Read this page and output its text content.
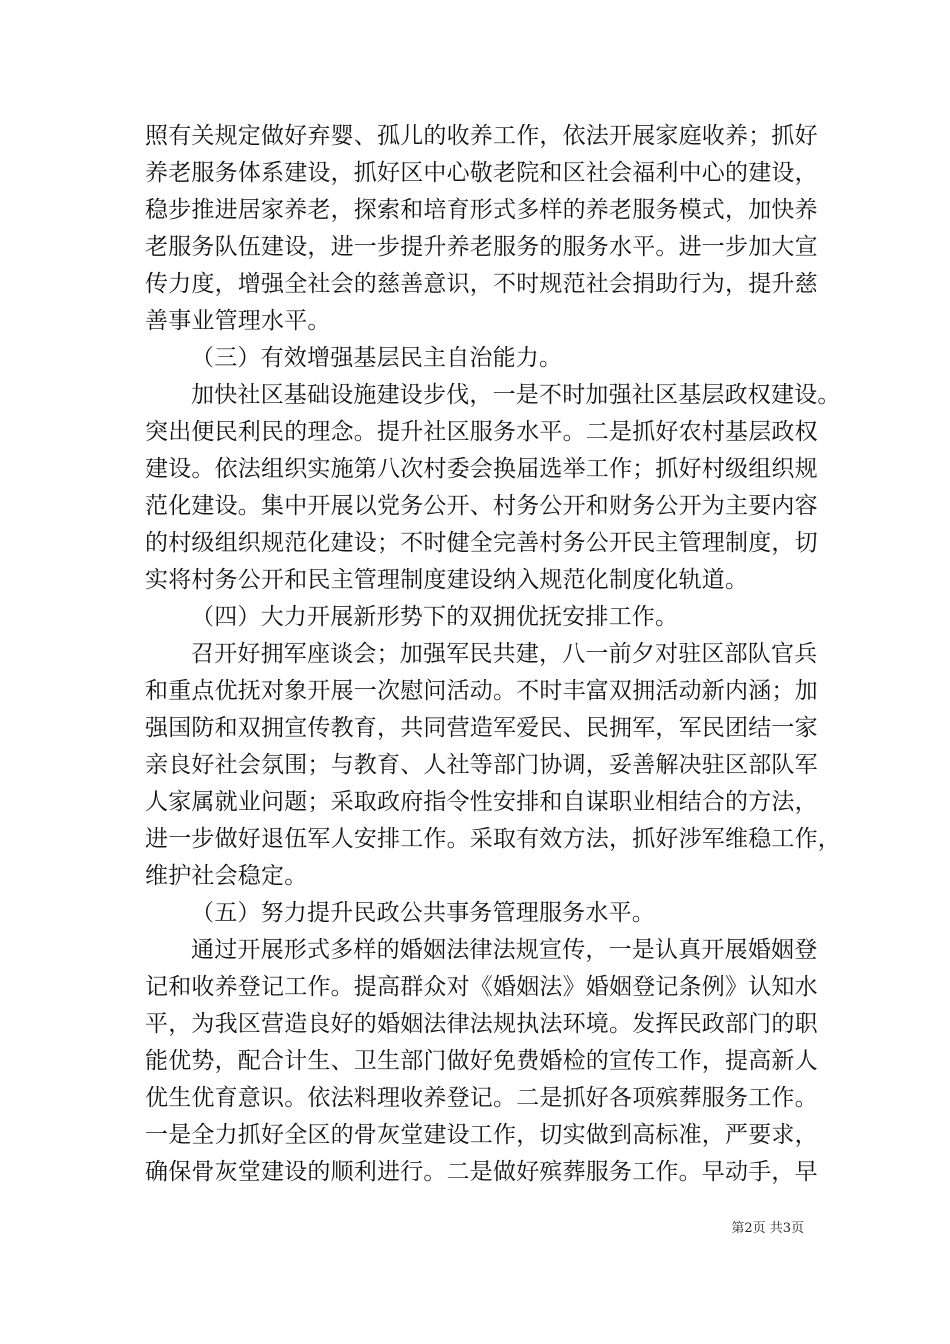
照有关规定做好弃婴、孤儿的收养工作，依法开展家庭收养；抓好
养老服务体系建设，抓好区中心敬老院和区社会福利中心的建设，
稳步推进居家养老，探索和培育形式多样的养老服务模式，加快养
老服务队伍建设，进一步提升养老服务的服务水平。进一步加大宣
传力度，增强全社会的慈善意识，不时规范社会捐助行为，提升慈
善事业管理水平。
（三）有效增强基层民主自治能力。
加快社区基础设施建设步伐，一是不时加强社区基层政权建设。
突出便民利民的理念。提升社区服务水平。二是抓好农村基层政权
建设。依法组织实施第八次村委会换届选举工作；抓好村级组织规
范化建设。集中开展以党务公开、村务公开和财务公开为主要内容
的村级组织规范化建设；不时健全完善村务公开民主管理制度，切
实将村务公开和民主管理制度建设纳入规范化制度化轨道。
（四）大力开展新形势下的双拥优抚安排工作。
召开好拥军座谈会；加强军民共建，八一前夕对驻区部队官兵
和重点优抚对象开展一次慰问活动。不时丰富双拥活动新内涵；加
强国防和双拥宣传教育，共同营造军爱民、民拥军，军民团结一家
亲良好社会氛围；与教育、人社等部门协调，妥善解决驻区部队军
人家属就业问题；采取政府指令性安排和自谋职业相结合的方法，
进一步做好退伍军人安排工作。采取有效方法，抓好涉军维稳工作，
维护社会稳定。
（五）努力提升民政公共事务管理服务水平。
通过开展形式多样的婚姻法律法规宣传，一是认真开展婚姻登
记和收养登记工作。提高群众对《婚姻法》婚姻登记条例》认知水
平，为我区营造良好的婚姻法律法规执法环境。发挥民政部门的职
能优势，配合计生、卫生部门做好免费婚检的宣传工作，提高新人
优生优育意识。依法料理收养登记。二是抓好各项殡葬服务工作。
一是全力抓好全区的骨灰堂建设工作，切实做到高标准，严要求，
确保骨灰堂建设的顺利进行。二是做好殡葬服务工作。早动手，早
第2页 共3页
